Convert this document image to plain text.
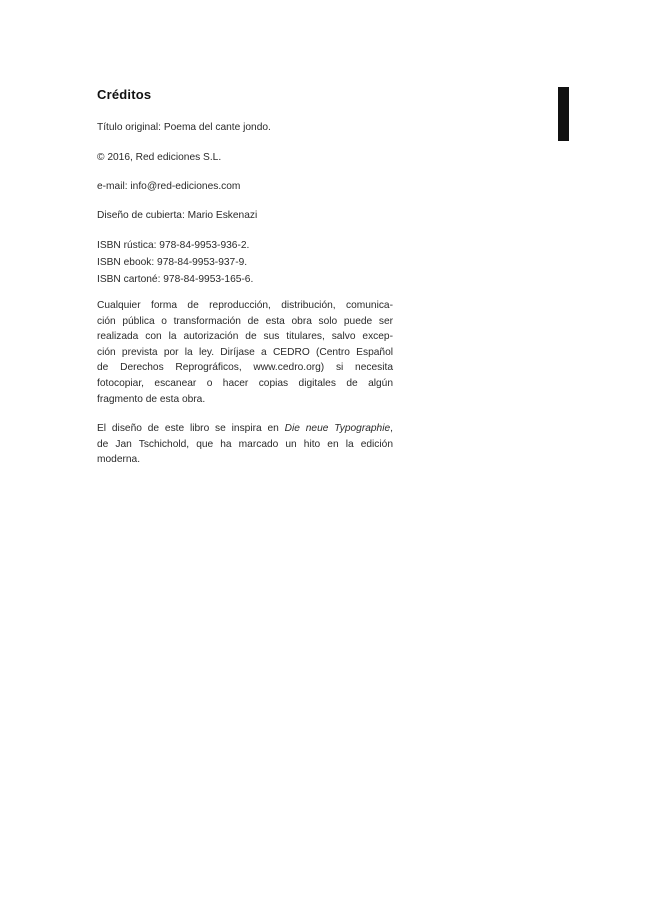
Créditos
Título original: Poema del cante jondo.
© 2016, Red ediciones S.L.
e-mail: info@red-ediciones.com
Diseño de cubierta: Mario Eskenazi
ISBN rústica: 978-84-9953-936-2.
ISBN ebook: 978-84-9953-937-9.
ISBN cartoné: 978-84-9953-165-6.
Cualquier forma de reproducción, distribución, comunica-
ción pública o transformación de esta obra solo puede ser
realizada con la autorización de sus titulares, salvo excep-
ción prevista por la ley. Diríjase a CEDRO (Centro Español
de Derechos Reprográficos, www.cedro.org) si necesita
fotocopiar, escanear o hacer copias digitales de algún
fragmento de esta obra.
El diseño de este libro se inspira en Die neue Typographie,
de Jan Tschichold, que ha marcado un hito en la edición
moderna.
